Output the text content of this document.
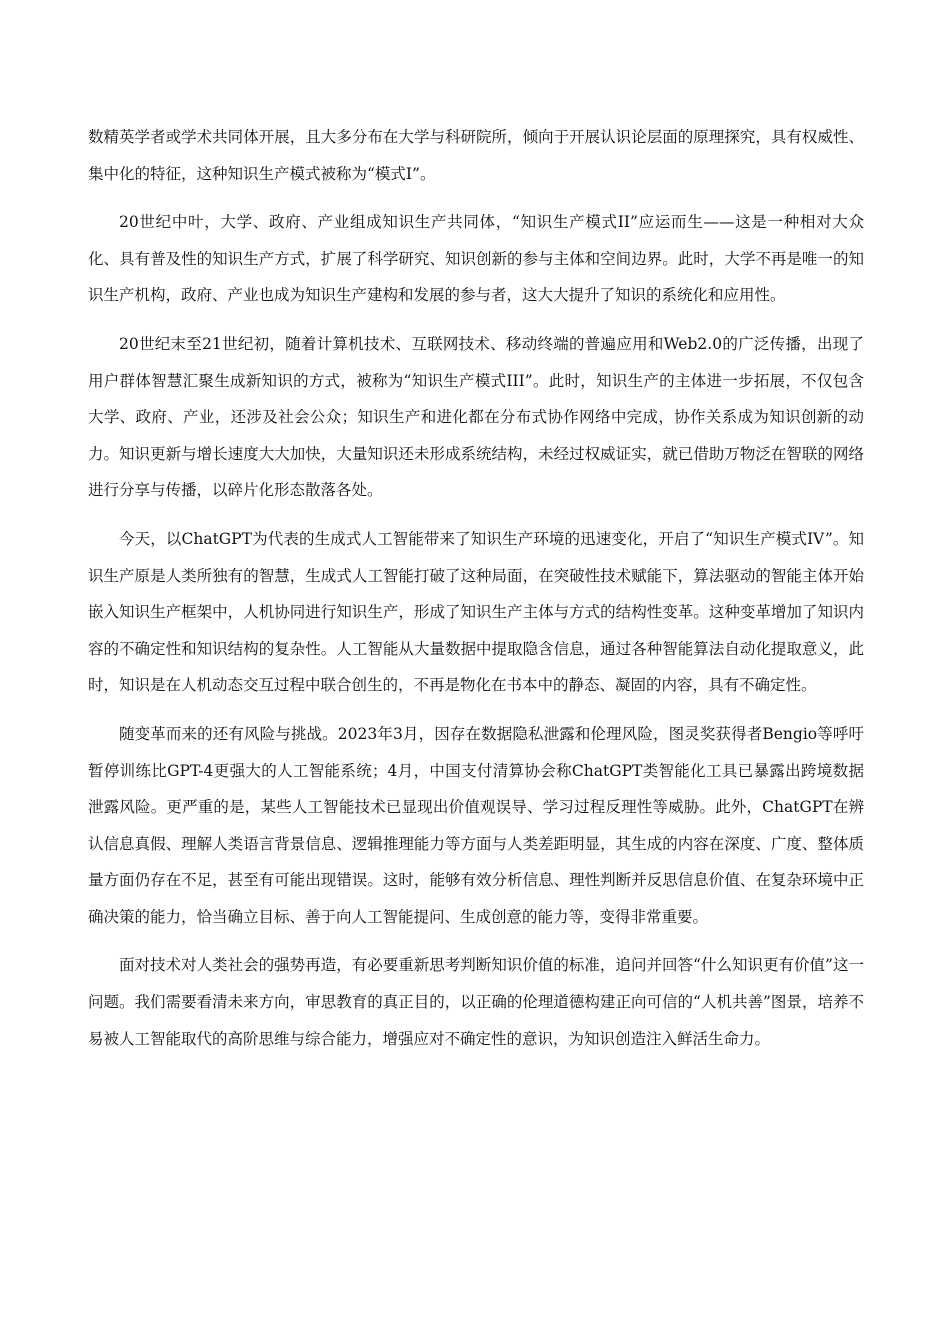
数精英学者或学术共同体开展，且大多分布在大学与科研院所，倾向于开展认识论层面的原理探究，具有权威性、集中化的特征，这种知识生产模式被称为“模式I”。

20世纪中叶，大学、政府、产业组成知识生产共同体，“知识生产模式II”应运而生——这是一种相对大众化、具有普及性的知识生产方式，扩展了科学研究、知识创新的参与主体和空间边界。此时，大学不再是唯一的知识生产机构，政府、产业也成为知识生产建构和发展的参与者，这大大提升了知识的系统化和应用性。

20世纪末至21世纪初，随着计算机技术、互联网技术、移动终端的普遍应用和Web2.0的广泛传播，出现了用户群体智慧汇聚生成新知识的方式，被称为“知识生产模式III”。此时，知识生产的主体进一步拓展，不仅包含大学、政府、产业，还涉及社会公众；知识生产和进化都在分布式协作网络中完成，协作关系成为知识创新的动力。知识更新与增长速度大大加快，大量知识还未形成系统结构，未经过权威证实，就已借助万物泛在智联的网络进行分享与传播，以碎片化形态散落各处。

今天，以ChatGPT为代表的生成式人工智能带来了知识生产环境的迅速变化，开启了“知识生产模式IV”。知识生产原是人类所独有的智慧，生成式人工智能打破了这种局面，在突破性技术赋能下，算法驱动的智能主体开始嵌入知识生产框架中，人机协同进行知识生产，形成了知识生产主体与方式的结构性变革。这种变革增加了知识内容的不确定性和知识结构的复杂性。人工智能从大量数据中提取隐含信息，通过各种智能算法自动化提取意义，此时，知识是在人机动态交互过程中联合创生的，不再是物化在书本中的静态、凝固的内容，具有不确定性。

随变革而来的还有风险与挑战。2023年3月，因存在数据隐私泄露和伦理风险，图灵奖获得者Bengio等呼吁暂停训练比GPT-4更强大的人工智能系统；4月，中国支付清算协会称ChatGPT类智能化工具已暴露出跨境数据泄露风险。更严重的是，某些人工智能技术已显现出价值观误导、学习过程反理性等威胁。此外，ChatGPT在辨认信息真假、理解人类语言背景信息、逻辑推理能力等方面与人类差距明显，其生成的内容在深度、广度、整体质量方面仍存在不足，甚至有可能出现错误。这时，能够有效分析信息、理性判断并反思信息价值、在复杂环境中正确决策的能力，恰当确立目标、善于向人工智能提问、生成创意的能力等，变得非常重要。

面对技术对人类社会的强势再造，有必要重新思考判断知识价值的标准，追问并回答“什么知识更有价值”这一问题。我们需要看清未来方向，审思教育的真正目的，以正确的伦理道德构建正向可信的“人机共善”图景，培养不易被人工智能取代的高阶思维与综合能力，增强应对不确定性的意识，为知识创造注入鲜活生命力。
